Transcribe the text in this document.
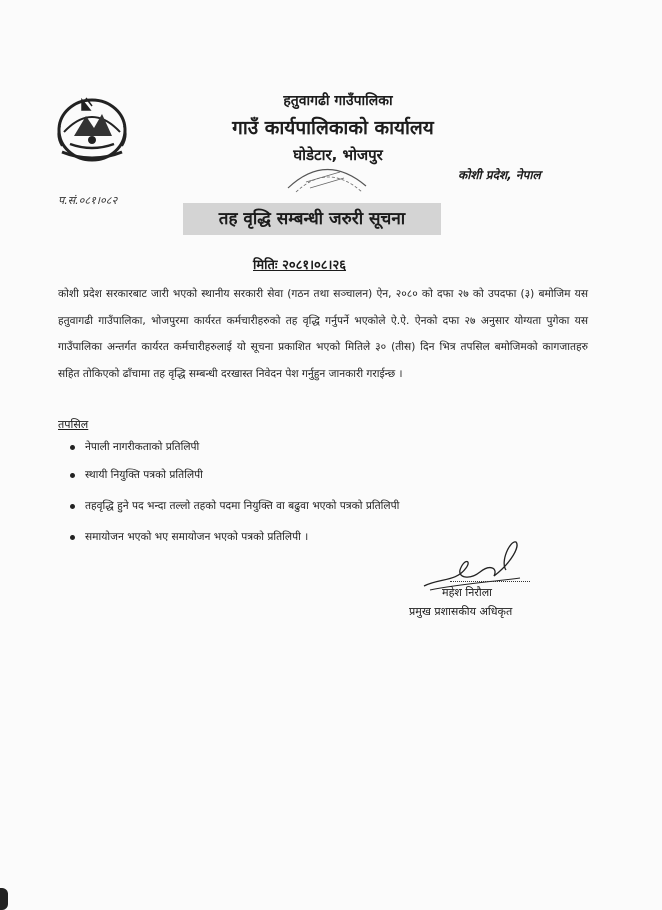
हतुवागढी गाउँपालिका
गाउँ कार्यपालिकाको कार्यालय
घोडेटार, भोजपुर
कोशी प्रदेश, नेपाल
प.सं.०८१।०८२
तह वृद्धि सम्बन्धी जरुरी सूचना
मितिः २०८१।०८।२६
कोशी प्रदेश सरकारबाट जारी भएको स्थानीय सरकारी सेवा (गठन तथा सञ्चालन) ऐन, २०८० को दफा २७ को उपदफा (३) बमोजिम यस हतुवागढी गाउँपालिका, भोजपुरमा कार्यरत कर्मचारीहरुको तह वृद्धि गर्नुपर्ने भएकोले ऐ.ऐ. ऐनको दफा २७ अनुसार योग्यता पुगेका यस गाउँपालिका अन्तर्गत कार्यरत कर्मचारीहरुलाई यो सूचना प्रकाशित भएको मितिले ३० (तीस) दिन भित्र तपसिल बमोजिमको कागजातहरु सहित तोकिएको ढाँचामा तह वृद्धि सम्बन्धी दरखास्त निवेदन पेश गर्नुहुन जानकारी गराईन्छ ।
तपसिल
नेपाली नागरीकताको प्रतिलिपी
स्थायी नियुक्ति पत्रको प्रतिलिपी
तहवृद्धि हुने पद भन्दा तल्लो तहको पदमा नियुक्ति वा बढुवा भएको पत्रको प्रतिलिपी
समायोजन भएको भए समायोजन भएको पत्रको प्रतिलिपी ।
महेश निरौला
प्रमुख प्रशासकीय अधिकृत
